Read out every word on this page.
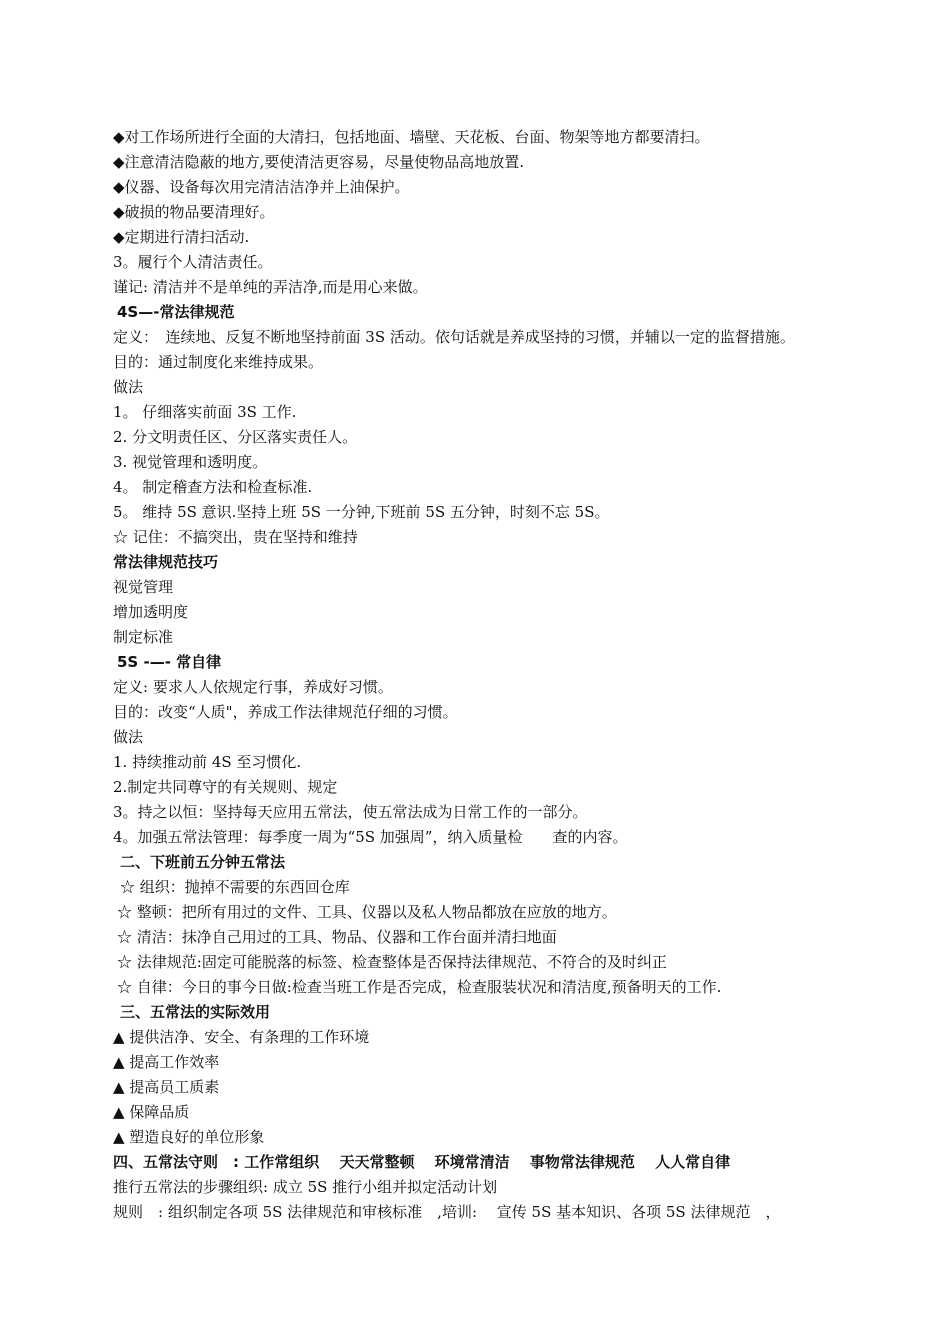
◆对工作场所进行全面的大清扫，包括地面、墙壁、天花板、台面、物架等地方都要清扫。
◆注意清洁隐蔽的地方,要使清洁更容易，尽量使物品高地放置.
◆仪器、设备每次用完清洁洁净并上油保护。
◆破损的物品要清理好。
◆定期进行清扫活动.
3。履行个人清洁责任。
谨记: 清洁并不是单纯的弄洁净,而是用心来做。
4S—-常法律规范
定义：　连续地、反复不断地坚持前面 3S 活动。依句话就是养成坚持的习惯，并辅以一定的监督措施。
目的：通过制度化来维持成果。
做法
1。 仔细落实前面 3S 工作.
2. 分文明责任区、分区落实责任人。
3. 视觉管理和透明度。
4。 制定稽查方法和检查标准.
5。 维持 5S 意识.坚持上班 5S 一分钟,下班前 5S 五分钟，时刻不忘 5S。
☆ 记住：不搞突出，贵在坚持和维持
常法律规范技巧
视觉管理
增加透明度
制定标准
5S -—- 常自律
定义: 要求人人依规定行事，养成好习惯。
目的：改变“人质"，养成工作法律规范仔细的习惯。
做法
1. 持续推动前 4S 至习惯化.
2.制定共同尊守的有关规则、规定
3。持之以恒：坚持每天应用五常法，使五常法成为日常工作的一部分。
4。加强五常法管理：每季度一周为“5S 加强周”，纳入质量检　　查的内容。
二、下班前五分钟五常法
☆ 组织：抛掉不需要的东西回仓库
☆ 整顿：把所有用过的文件、工具、仪器以及私人物品都放在应放的地方。
☆ 清洁：抹净自己用过的工具、物品、仪器和工作台面并清扫地面
☆ 法律规范:固定可能脱落的标签、检查整体是否保持法律规范、不符合的及时纠正
☆ 自律：今日的事今日做:检查当班工作是否完成，检查服装状况和清洁度,预备明天的工作.
三、五常法的实际效用
▲ 提供洁净、安全、有条理的工作环境
▲ 提高工作效率
▲ 提高员工质素
▲ 保障品质
▲ 塑造良好的单位形象
四、五常法守则　: 工作常组织　 天天常整顿　 环境常清洁　 事物常法律规范　 人人常自律
推行五常法的步骤组织: 成立 5S 推行小组并拟定活动计划
规则　: 组织制定各项 5S 法律规范和审核标准　,培训:　 宣传 5S 基本知识、各项 5S 法律规范　，
